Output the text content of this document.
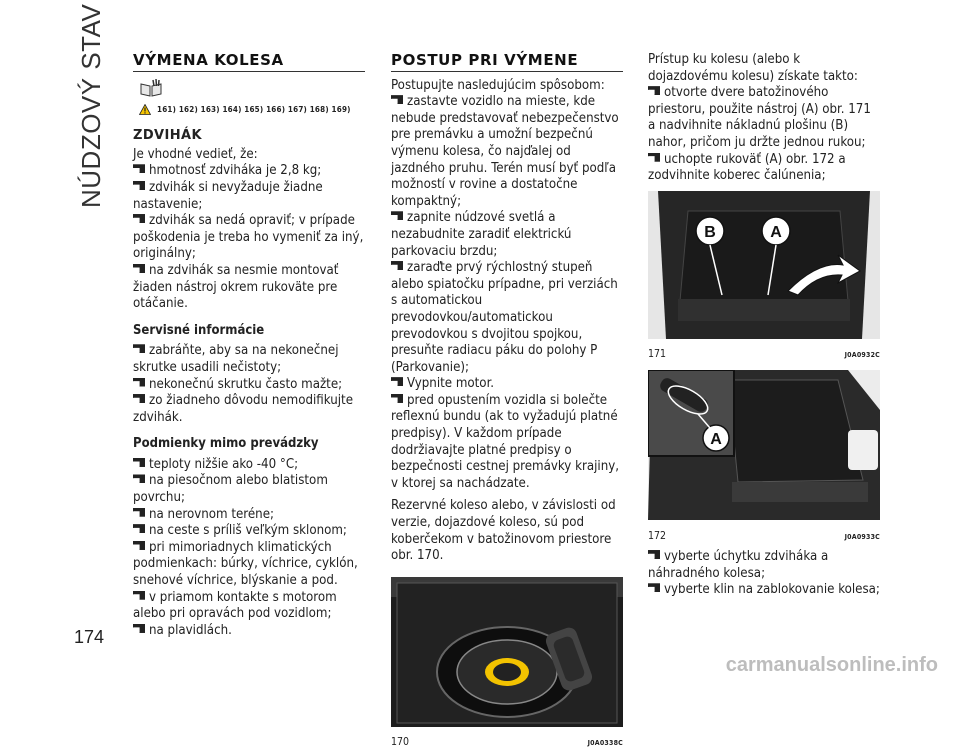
NÚDZOVÝ STAV
174
VÝMENA KOLESA
161) 162) 163) 164) 165) 166) 167) 168) 169)
ZDVIHÁK

Je vhodné vedieť, že:

hmotnosť zdviháka je 2,8 kg;

zdvihák si nevyžaduje žiadne nastavenie;

zdvihák sa nedá opraviť; v prípade poškodenia je treba ho vymeniť za iný, originálny;

na zdvihák sa nesmie montovať žiaden nástroj okrem rukoväte pre otáčanie.

Servisné informácie

zabráňte, aby sa na nekonečnej skrutke usadili nečistoty;

nekonečnú skrutku často mažte;

zo žiadneho dôvodu nemodifikujte zdvihák.

Podmienky mimo prevádzky

teploty nižšie ako -40 °C;

na piesočnom alebo blatistom povrchu;

na nerovnom teréne;

na ceste s príliš veľkým sklonom;

pri mimoriadnych klimatických podmienkach: búrky, víchrice, cyklón, snehové víchrice, blýskanie a pod.

v priamom kontakte s motorom alebo pri opravách pod vozidlom;

na plavidlách.

POSTUP PRI VÝMENE

Postupujte nasledujúcim spôsobom:

zastavte vozidlo na mieste, kde nebude predstavovať nebezpečenstvo pre premávku a umožní bezpečnú výmenu kolesa, čo najďalej od jazdného pruhu. Terén musí byť podľa možností v rovine a dostatočne kompaktný;

zapnite núdzové svetlá a nezabudnite zaradiť elektrickú parkovaciu brzdu;

zaraďte prvý rýchlostný stupeň alebo spiatočku prípadne, pri verziách s automatickou prevodovkou/automatickou prevodovkou s dvojitou spojkou, presuňte radiacu páku do polohy P (Parkovanie);

Vypnite motor.

pred opustením vozidla si bolečte reflexnú bundu (ak to vyžadujú platné predpisy). V každom prípade dodržiavajte platné predpisy o bezpečnosti cestnej premávky krajiny, v ktorej sa nachádzate.

Rezervné koleso alebo, v závislosti od verzie, dojazdové koleso, sú pod koberčekom v batožinovom priestore obr. 170.

170	J0A0338C

Prístup ku kolesu (alebo k dojazdovému kolesu) získate takto:

otvorte dvere batožinového priestoru, použite nástroj (A) obr. 171 a nadvihnite nákladnú plošinu (B) nahor, pričom ju držte jednou rukou;

uchopte rukoväť (A) obr. 172 a zodvihnite koberec čalúnenia;

B	A
171	J0A0932C
A
172	J0A0933C

vyberte úchytku zdviháka a náhradného kolesa;

vyberte klin na zablokovanie kolesa;

carmanualsonline.info
